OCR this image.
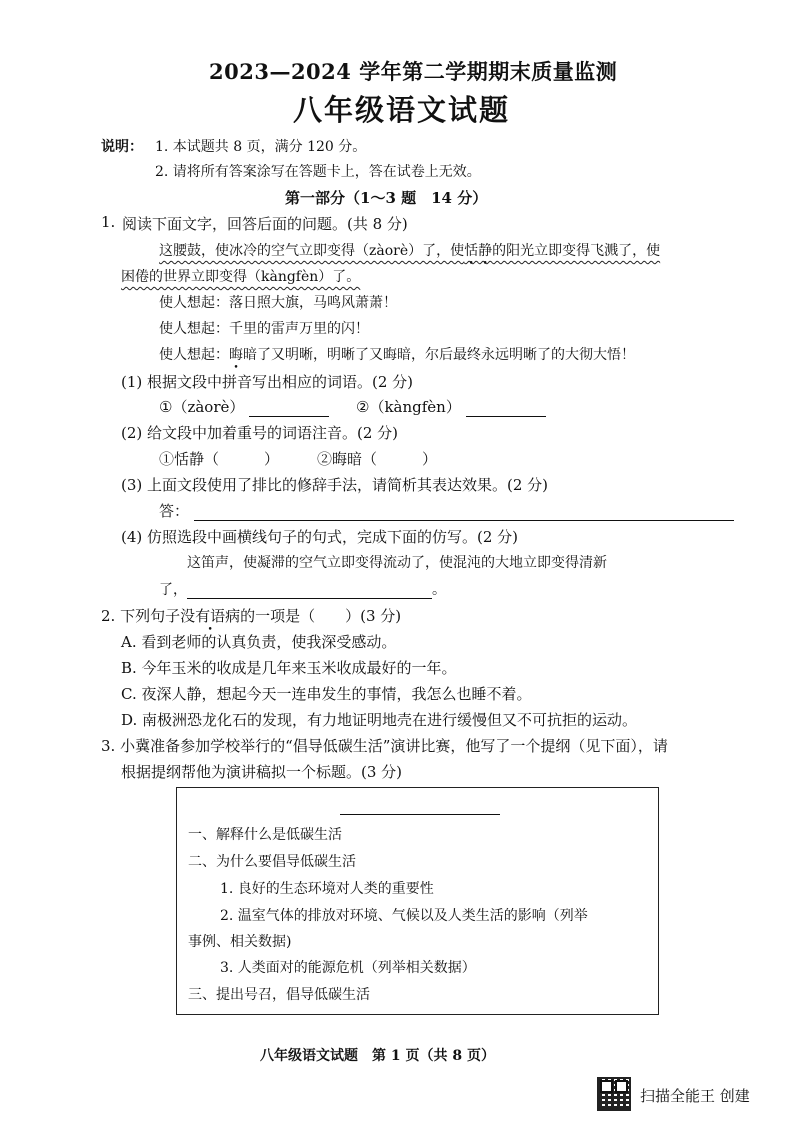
2023—2024 学年第二学期期末质量监测
八年级语文试题
说明： 1. 本试题共 8 页，满分 120 分。
2. 请将所有答案涂写在答题卡上，答在试卷上无效。
第一部分（1～3 题　14 分）
1. 阅读下面文字，回答后面的问题。(共 8 分)
这腰鼓，使冰冷的空气立即变得（zàorè）了，使恬静的阳光立即变得飞溅了，使
困倦的世界立即变得（kàngfèn）了。
使人想起：落日照大旗，马鸣风萧萧！
使人想起：千里的雷声万里的闪！
使人想起：晦暗了又明晰，明晰了又晦暗，尔后最终永远明晰了的大彻大悟！
(1) 根据文段中拼音写出相应的词语。(2 分)
①（zàorè）	②（kàngfèn）
(2) 给文段中加着重号的词语注音。(2 分)
①恬静（　　　）	②晦暗（　　　）
(3) 上面文段使用了排比的修辞手法，请简析其表达效果。(2 分)
答：
(4) 仿照选段中画横线句子的句式，完成下面的仿写。(2 分)
这笛声，使凝滞的空气立即变得流动了，使混沌的大地立即变得清新
了，	。
2. 下列句子没有语病的一项是（　　）(3 分)
A. 看到老师的认真负责，使我深受感动。
B. 今年玉米的收成是几年来玉米收成最好的一年。
C. 夜深人静，想起今天一连串发生的事情，我怎么也睡不着。
D. 南极洲恐龙化石的发现，有力地证明地壳在进行缓慢但又不可抗拒的运动。
3. 小冀准备参加学校举行的“倡导低碳生活”演讲比赛，他写了一个提纲（见下面），请
根据提纲帮他为演讲稿拟一个标题。(3 分)
一、解释什么是低碳生活
二、为什么要倡导低碳生活
1. 良好的生态环境对人类的重要性
2. 温室气体的排放对环境、气候以及人类生活的影响（列举
事例、相关数据)
3. 人类面对的能源危机（列举相关数据）
三、提出号召，倡导低碳生活
八年级语文试题　第 1 页（共 8 页）
扫描全能王 创建
